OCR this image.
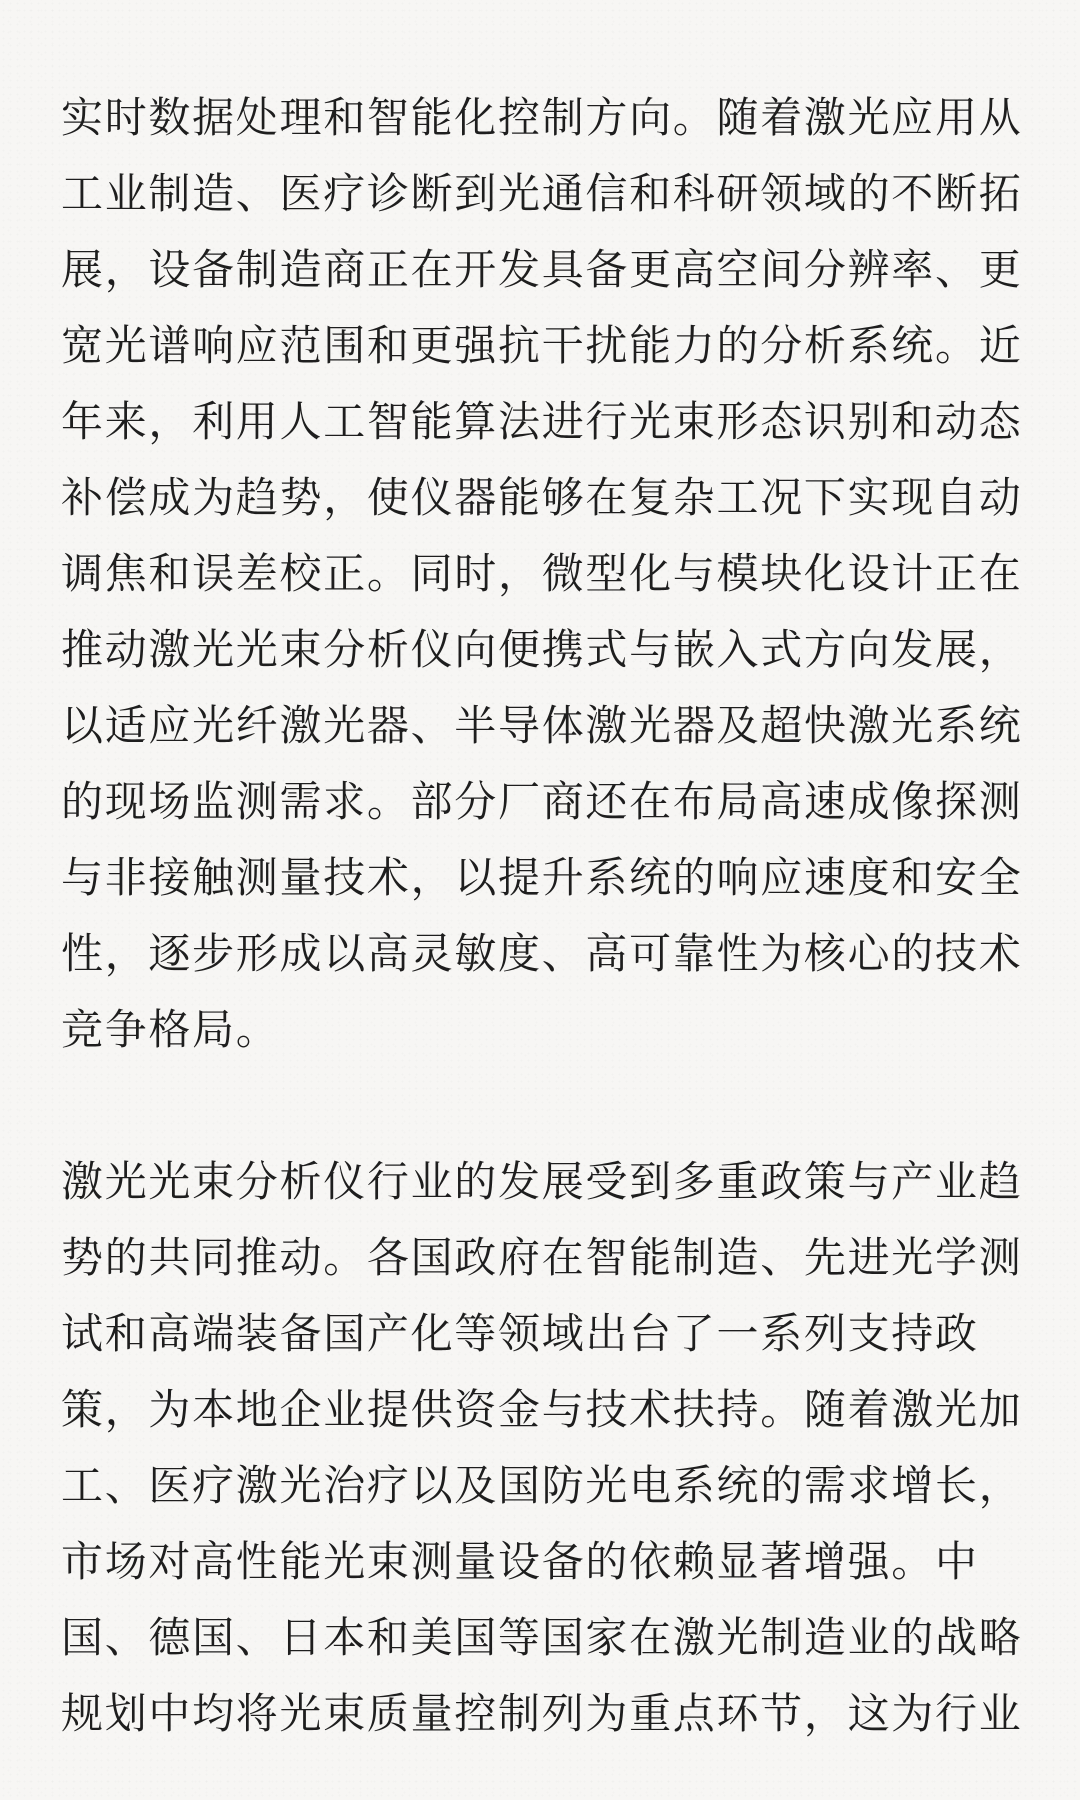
实时数据处理和智能化控制方向。随着激光应用从
工业制造、医疗诊断到光通信和科研领域的不断拓
展，设备制造商正在开发具备更高空间分辨率、更
宽光谱响应范围和更强抗干扰能力的分析系统。近
年来，利用人工智能算法进行光束形态识别和动态
补偿成为趋势，使仪器能够在复杂工况下实现自动
调焦和误差校正。同时，微型化与模块化设计正在
推动激光光束分析仪向便携式与嵌入式方向发展，
以适应光纤激光器、半导体激光器及超快激光系统
的现场监测需求。部分厂商还在布局高速成像探测
与非接触测量技术，以提升系统的响应速度和安全
性，逐步形成以高灵敏度、高可靠性为核心的技术
竞争格局。
激光光束分析仪行业的发展受到多重政策与产业趋
势的共同推动。各国政府在智能制造、先进光学测
试和高端装备国产化等领域出台了一系列支持政
策，为本地企业提供资金与技术扶持。随着激光加
工、医疗激光治疗以及国防光电系统的需求增长，
市场对高性能光束测量设备的依赖显著增强。中
国、德国、日本和美国等国家在激光制造业的战略
规划中均将光束质量控制列为重点环节，这为行业
